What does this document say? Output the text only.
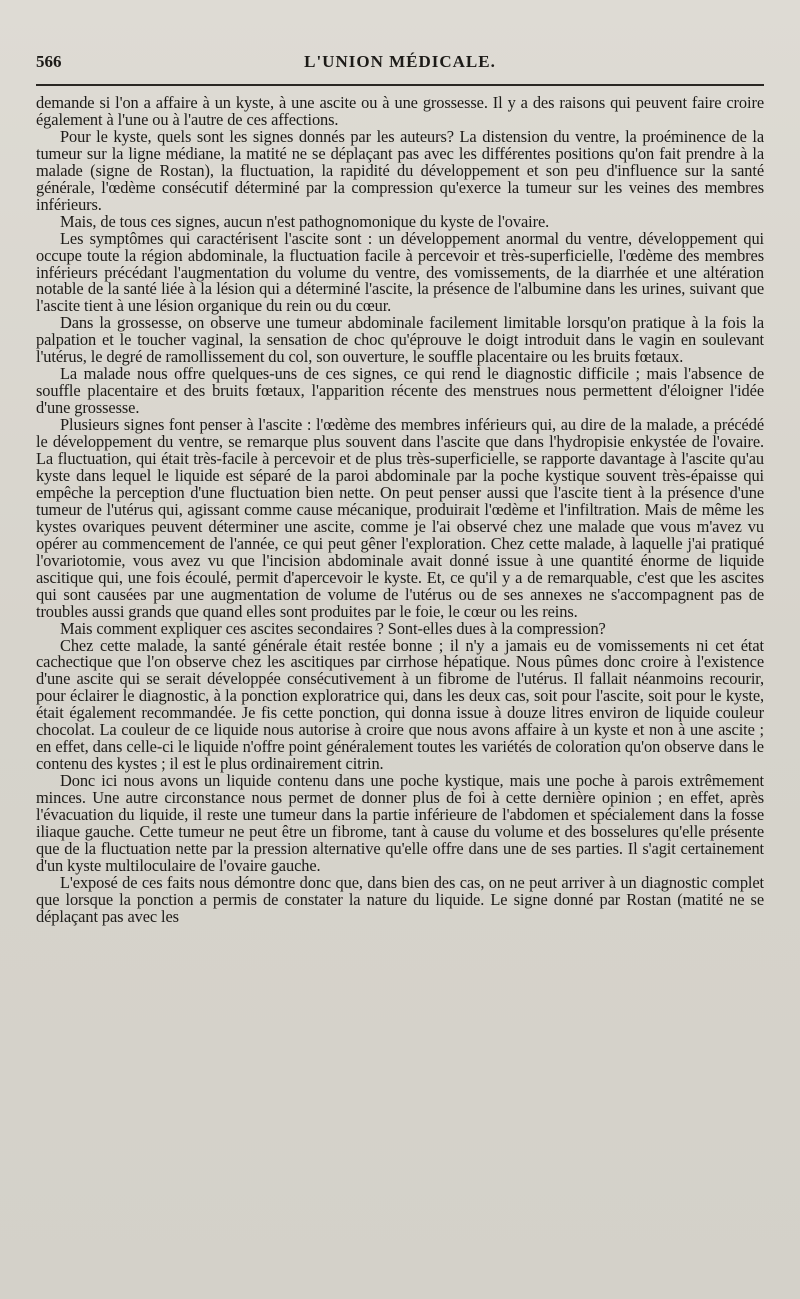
566	L'UNION MÉDICALE.

demande si l'on a affaire à un kyste, à une ascite ou à une grossesse. Il y a des raisons qui peuvent faire croire également à l'une ou à l'autre de ces affections.

Pour le kyste, quels sont les signes donnés par les auteurs? La distension du ventre, la proéminence de la tumeur sur la ligne médiane, la matité ne se déplaçant pas avec les différentes positions qu'on fait prendre à la malade (signe de Rostan), la fluctuation, la rapidité du développement et son peu d'influence sur la santé générale, l'œdème consécutif déterminé par la compression qu'exerce la tumeur sur les veines des membres inférieurs.

Mais, de tous ces signes, aucun n'est pathognomonique du kyste de l'ovaire.

Les symptômes qui caractérisent l'ascite sont : un développement anormal du ventre, développement qui occupe toute la région abdominale, la fluctuation facile à percevoir et très-superficielle, l'œdème des membres inférieurs précédant l'augmentation du volume du ventre, des vomissements, de la diarrhée et une altération notable de la santé liée à la lésion qui a déterminé l'ascite, la présence de l'albumine dans les urines, suivant que l'ascite tient à une lésion organique du rein ou du cœur.

Dans la grossesse, on observe une tumeur abdominale facilement limitable lorsqu'on pratique à la fois la palpation et le toucher vaginal, la sensation de choc qu'éprouve le doigt introduit dans le vagin en soulevant l'utérus, le degré de ramollissement du col, son ouverture, le souffle placentaire ou les bruits fœtaux.

La malade nous offre quelques-uns de ces signes, ce qui rend le diagnostic difficile ; mais l'absence de souffle placentaire et des bruits fœtaux, l'apparition récente des menstrues nous permettent d'éloigner l'idée d'une grossesse.

Plusieurs signes font penser à l'ascite : l'œdème des membres inférieurs qui, au dire de la malade, a précédé le développement du ventre, se remarque plus souvent dans l'ascite que dans l'hydropisie enkystée de l'ovaire. La fluctuation, qui était très-facile à percevoir et de plus très-superficielle, se rapporte davantage à l'ascite qu'au kyste dans lequel le liquide est séparé de la paroi abdominale par la poche kystique souvent très-épaisse qui empêche la perception d'une fluctuation bien nette. On peut penser aussi que l'ascite tient à la présence d'une tumeur de l'utérus qui, agissant comme cause mécanique, produirait l'œdème et l'infiltration. Mais de même les kystes ovariques peuvent déterminer une ascite, comme je l'ai observé chez une malade que vous m'avez vu opérer au commencement de l'année, ce qui peut gêner l'exploration. Chez cette malade, à laquelle j'ai pratiqué l'ovariotomie, vous avez vu que l'incision abdominale avait donné issue à une quantité énorme de liquide ascitique qui, une fois écoulé, permit d'apercevoir le kyste. Et, ce qu'il y a de remarquable, c'est que les ascites qui sont causées par une augmentation de volume de l'utérus ou de ses annexes ne s'accompagnent pas de troubles aussi grands que quand elles sont produites par le foie, le cœur ou les reins.

Mais comment expliquer ces ascites secondaires ? Sont-elles dues à la compression?

Chez cette malade, la santé générale était restée bonne ; il n'y a jamais eu de vomissements ni cet état cachectique que l'on observe chez les ascitiques par cirrhose hépatique. Nous pûmes donc croire à l'existence d'une ascite qui se serait développée consécutivement à un fibrome de l'utérus. Il fallait néanmoins recourir, pour éclairer le diagnostic, à la ponction exploratrice qui, dans les deux cas, soit pour l'ascite, soit pour le kyste, était également recommandée. Je fis cette ponction, qui donna issue à douze litres environ de liquide couleur chocolat. La couleur de ce liquide nous autorise à croire que nous avons affaire à un kyste et non à une ascite ; en effet, dans celle-ci le liquide n'offre point généralement toutes les variétés de coloration qu'on observe dans le contenu des kystes ; il est le plus ordinairement citrin.

Donc ici nous avons un liquide contenu dans une poche kystique, mais une poche à parois extrêmement minces. Une autre circonstance nous permet de donner plus de foi à cette dernière opinion ; en effet, après l'évacuation du liquide, il reste une tumeur dans la partie inférieure de l'abdomen et spécialement dans la fosse iliaque gauche. Cette tumeur ne peut être un fibrome, tant à cause du volume et des bosselures qu'elle présente que de la fluctuation nette par la pression alternative qu'elle offre dans une de ses parties. Il s'agit certainement d'un kyste multiloculaire de l'ovaire gauche.

L'exposé de ces faits nous démontre donc que, dans bien des cas, on ne peut arriver à un diagnostic complet que lorsque la ponction a permis de constater la nature du liquide. Le signe donné par Rostan (matité ne se déplaçant pas avec les
